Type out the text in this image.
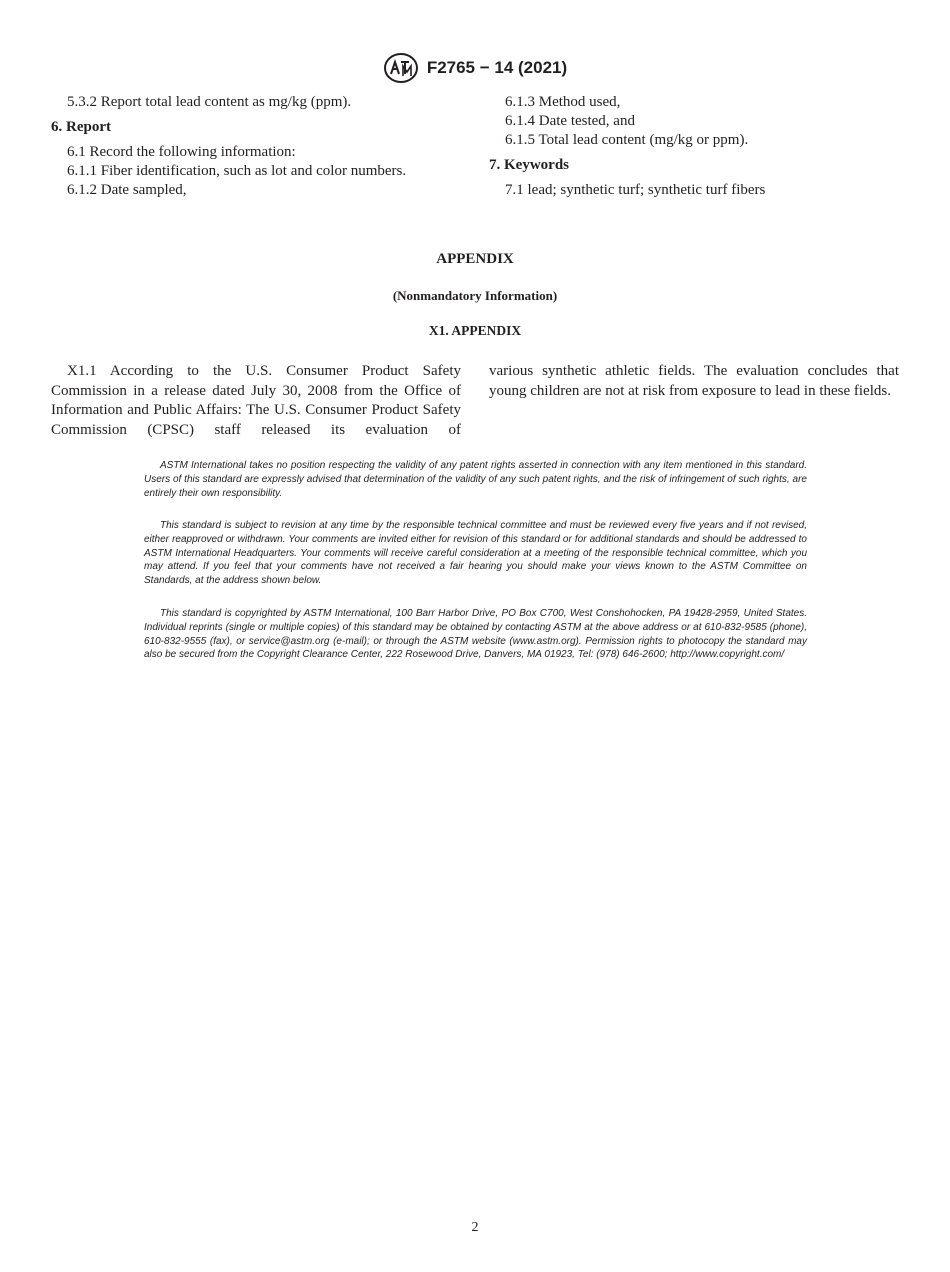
F2765 − 14 (2021)

5.3.2 Report total lead content as mg/kg (ppm).

6. Report

6.1 Record the following information:

6.1.1 Fiber identification, such as lot and color numbers.

6.1.2 Date sampled,

6.1.3 Method used,

6.1.4 Date tested, and

6.1.5 Total lead content (mg/kg or ppm).

7. Keywords

7.1 lead; synthetic turf; synthetic turf fibers

APPENDIX
(Nonmandatory Information)
X1. APPENDIX
X1.1 According to the U.S. Consumer Product Safety Commission in a release dated July 30, 2008 from the Office of Information and Public Affairs: The U.S. Consumer Product Safety Commission (CPSC) staff released its evaluation of
various synthetic athletic fields. The evaluation concludes that young children are not at risk from exposure to lead in these fields.
ASTM International takes no position respecting the validity of any patent rights asserted in connection with any item mentioned in this standard. Users of this standard are expressly advised that determination of the validity of any such patent rights, and the risk of infringement of such rights, are entirely their own responsibility.
This standard is subject to revision at any time by the responsible technical committee and must be reviewed every five years and if not revised, either reapproved or withdrawn. Your comments are invited either for revision of this standard or for additional standards and should be addressed to ASTM International Headquarters. Your comments will receive careful consideration at a meeting of the responsible technical committee, which you may attend. If you feel that your comments have not received a fair hearing you should make your views known to the ASTM Committee on Standards, at the address shown below.
This standard is copyrighted by ASTM International, 100 Barr Harbor Drive, PO Box C700, West Conshohocken, PA 19428-2959, United States. Individual reprints (single or multiple copies) of this standard may be obtained by contacting ASTM at the above address or at 610-832-9585 (phone), 610-832-9555 (fax), or service@astm.org (e-mail); or through the ASTM website (www.astm.org). Permission rights to photocopy the standard may also be secured from the Copyright Clearance Center, 222 Rosewood Drive, Danvers, MA 01923, Tel: (978) 646-2600; http://www.copyright.com/
2
